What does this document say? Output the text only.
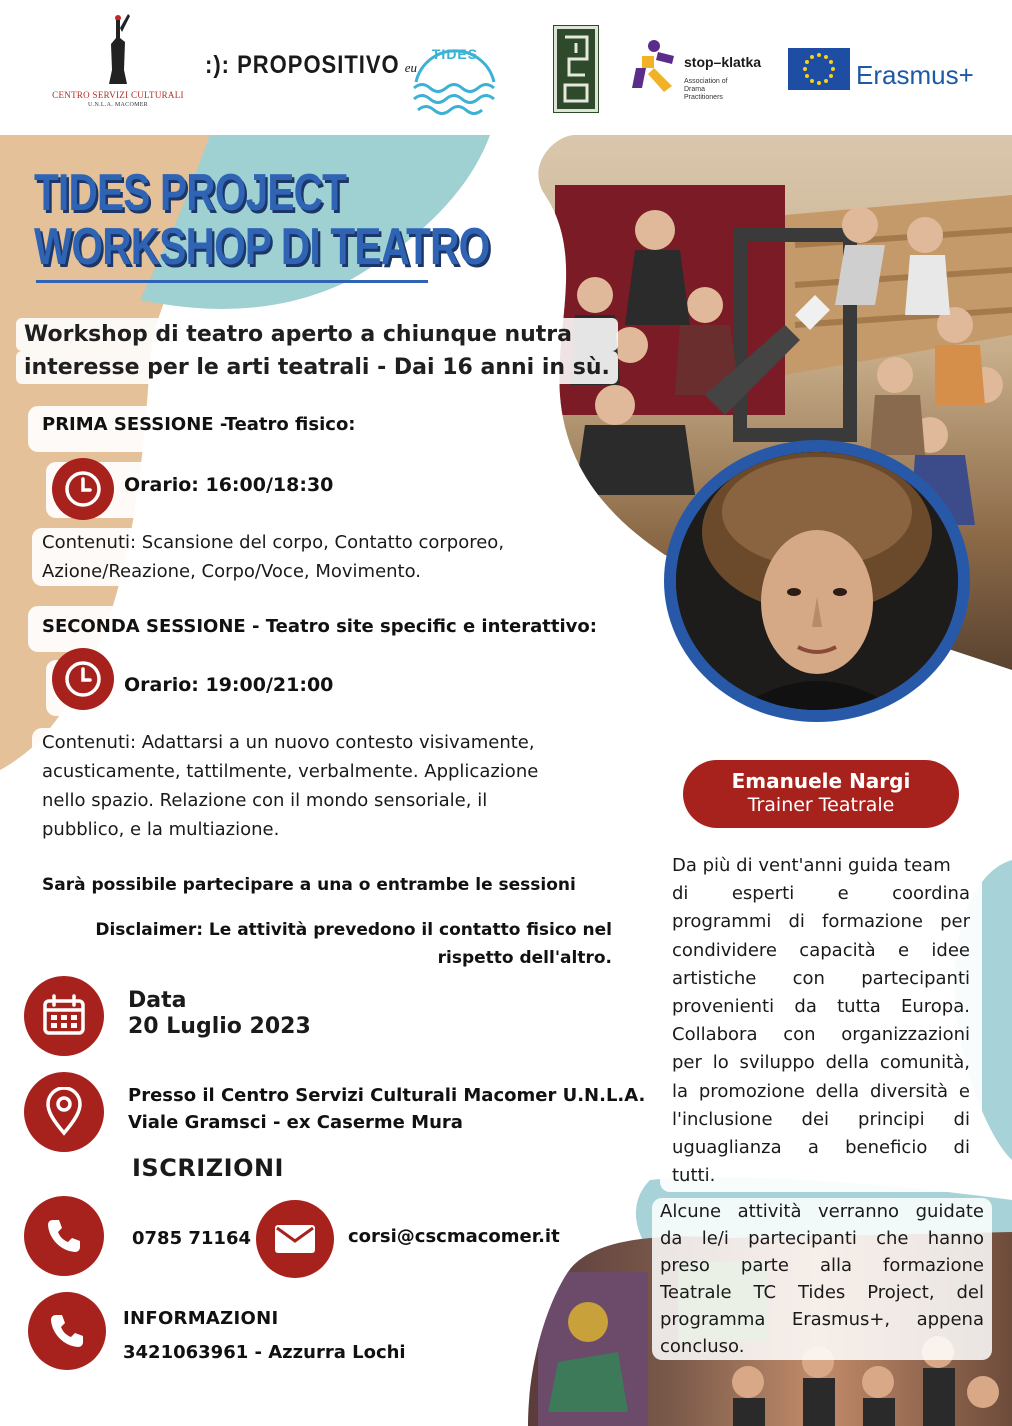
CENTRO SERVIZI CULTURALI
U.N.L.A. MACOMER
:): PROPOSITIVO eu
TIDES	stop–klatka
Association of Drama Practitioners
Erasmus+
Emanuele Nargi
Trainer Teatrale
Da più di vent'anni guida team
di esperti e coordina
programmi di formazione per
condividere capacità e idee
artistiche con partecipanti
provenienti da tutta Europa.
Collabora con organizzazioni
per lo sviluppo della comunità,
la promozione della diversità e
l'inclusione dei principi di
uguaglianza a beneficio di
tutti.
Alcune attività verranno guidate
da le/i partecipanti che hanno
preso parte alla formazione
Teatrale TC Tides Project, del
programma Erasmus+, appena
concluso.
TIDES PROJECT
WORKSHOP DI TEATRO
Workshop di teatro aperto a chiunque nutra
interesse per le arti teatrali - Dai 16 anni in sù.
PRIMA SESSIONE -Teatro fisico:
Orario: 16:00/18:30
Contenuti: Scansione del corpo, Contatto corporeo,
Azione/Reazione, Corpo/Voce, Movimento.
SECONDA SESSIONE - Teatro site specific e interattivo:
Orario: 19:00/21:00
Contenuti: Adattarsi a un nuovo contesto visivamente,
acusticamente, tattilmente, verbalmente. Applicazione
nello spazio. Relazione con il mondo sensoriale, il
pubblico, e la multiazione.
Sarà possibile partecipare a una o entrambe le sessioni
Disclaimer: Le attività prevedono il contatto fisico nel
rispetto dell'altro.
Data
20 Luglio 2023
Presso il Centro Servizi Culturali Macomer U.N.L.A.
Viale Gramsci - ex Caserme Mura
ISCRIZIONI
0785 71164	corsi@cscmacomer.it
INFORMAZIONI
3421063961 - Azzurra Lochi
